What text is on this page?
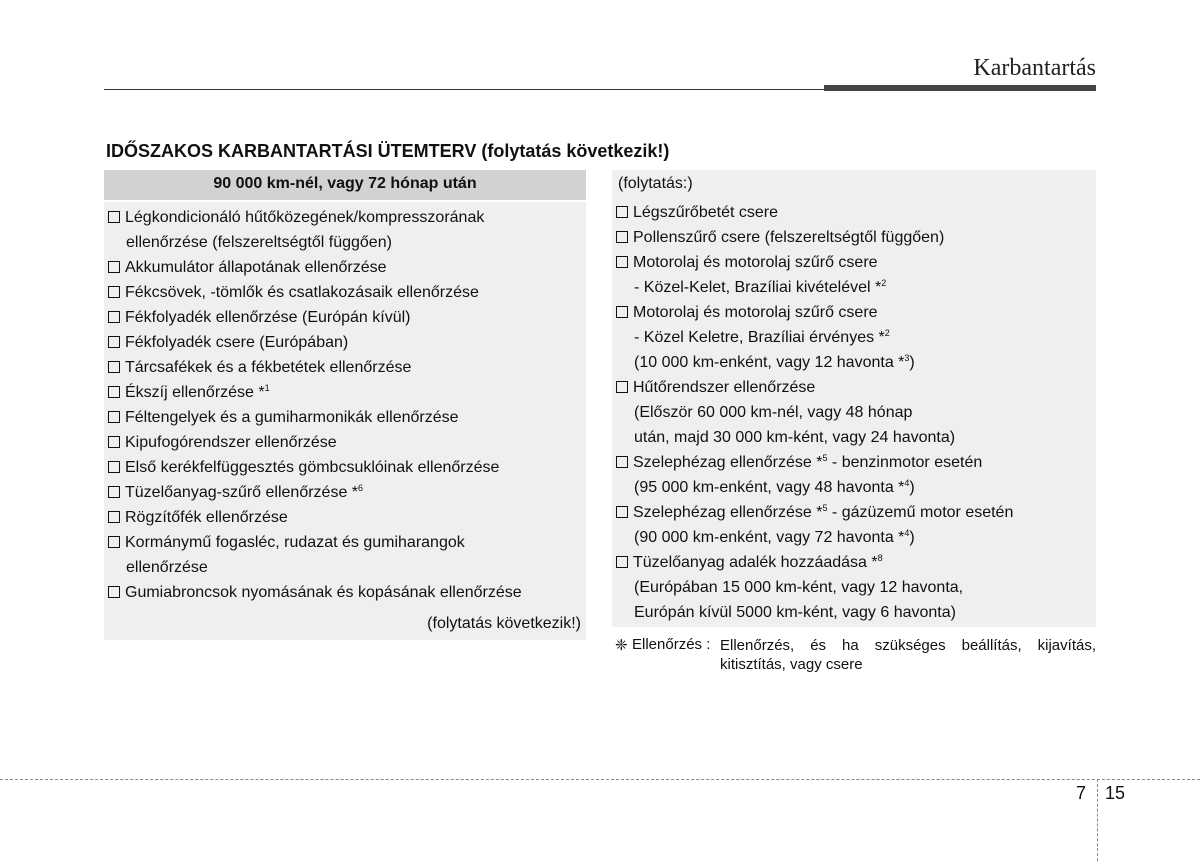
Karbantartás
IDŐSZAKOS KARBANTARTÁSI ÜTEMTERV (folytatás következik!)
90 000 km-nél, vagy 72 hónap után
Légkondicionáló hűtőközegének/kompresszorának
ellenőrzése (felszereltségtől függően)
Akkumulátor állapotának ellenőrzése
Fékcsövek, -tömlők és csatlakozásaik ellenőrzése
Fékfolyadék ellenőrzése (Európán kívül)
Fékfolyadék csere (Európában)
Tárcsafékek és a fékbetétek ellenőrzése
Ékszíj ellenőrzése *$^1$
Féltengelyek és a gumiharmonikák ellenőrzése
Kipufogórendszer ellenőrzése
Első kerékfelfüggesztés gömbcsuklóinak ellenőrzése
Tüzelőanyag-szűrő ellenőrzése *$^6$
Rögzítőfék ellenőrzése
Kormánymű fogasléc, rudazat és gumiharangok
ellenőrzése
Gumiabroncsok nyomásának és kopásának ellenőrzése
(folytatás következik!)
(folytatás:)
Légszűrőbetét csere
Pollenszűrő csere (felszereltségtől függően)
Motorolaj és motorolaj szűrő csere
- Közel-Kelet, Brazíliai kivételével *$^2$
Motorolaj és motorolaj szűrő csere
- Közel Keletre, Brazíliai érvényes *$^2$
(10 000 km-enként, vagy 12 havonta *$^3$)
Hűtőrendszer ellenőrzése
(Először 60 000 km-nél, vagy 48 hónap
után, majd 30 000 km-ként, vagy 24 havonta)
Szelephézag ellenőrzése *$^5$ - benzinmotor esetén
(95 000 km-enként, vagy 48 havonta *$^4$)
Szelephézag ellenőrzése *$^5$ - gázüzemű motor esetén
(90 000 km-enként, vagy 72 havonta *$^4$)
Tüzelőanyag adalék hozzáadása *$^8$
(Európában 15 000 km-ként, vagy 12 havonta,
Európán kívül 5000 km-ként, vagy 6 havonta)
❈ Ellenőrzés : Ellenőrzés, és ha szükséges beállítás, kijavítás, kitisztítás, vagy csere
7 15
